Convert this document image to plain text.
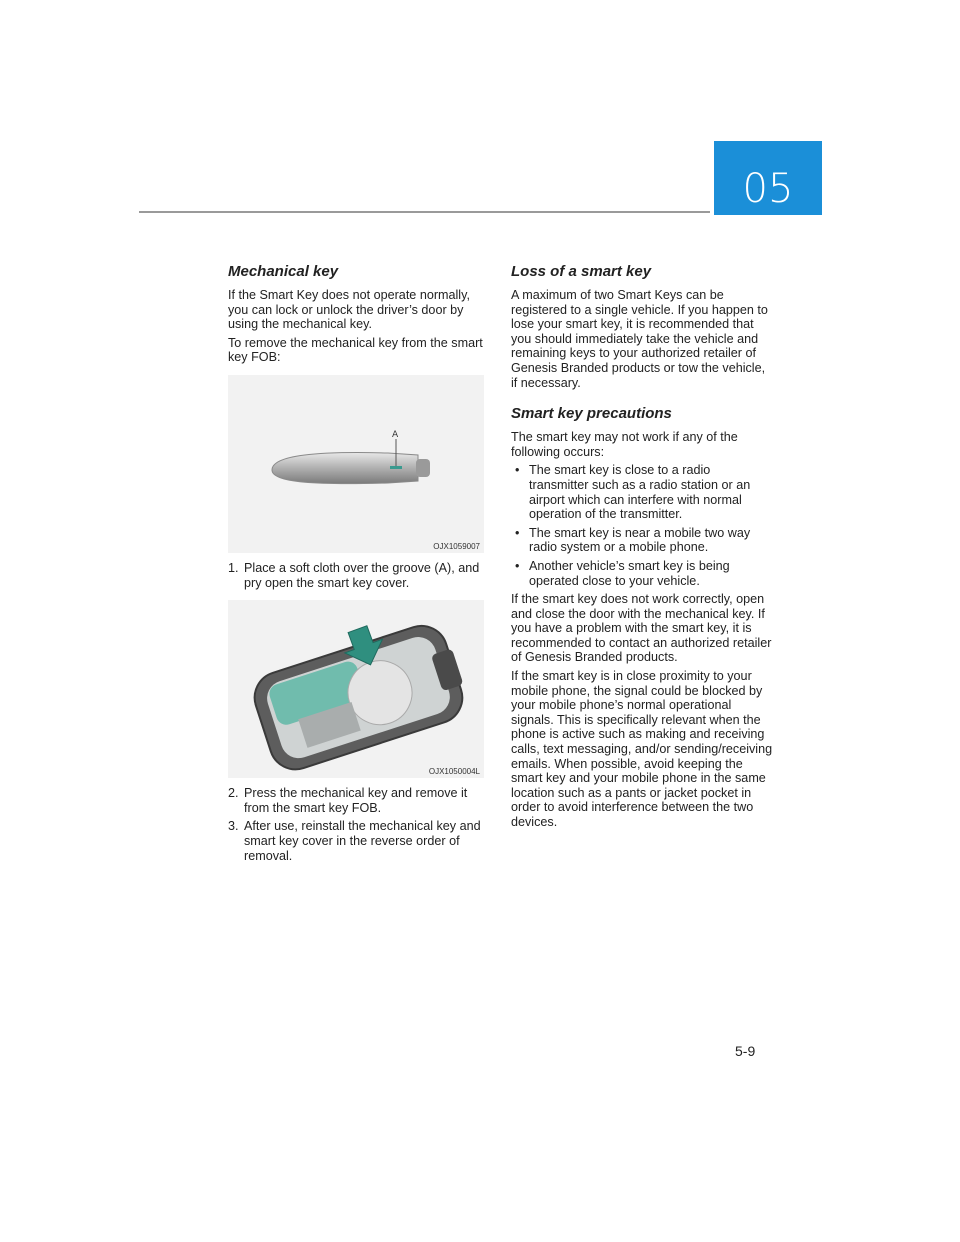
05
Mechanical key

If the Smart Key does not operate normally, you can lock or unlock the driver’s door by using the mechanical key.

To remove the mechanical key from the smart key FOB:

A
OJX1059007
1. Place a soft cloth over the groove (A), and pry open the smart key cover.
OJX1050004L
2. Press the mechanical key and remove it from the smart key FOB.
3. After use, reinstall the mechanical key and smart key cover in the reverse order of removal.
Loss of a smart key

A maximum of two Smart Keys can be registered to a single vehicle. If you happen to lose your smart key, it is recommended that you should immediately take the vehicle and remaining keys to your authorized retailer of Genesis Branded products or tow the vehicle, if necessary.

Smart key precautions

The smart key may not work if any of the following occurs:

• The smart key is close to a radio transmitter such as a radio station or an airport which can interfere with normal operation of the transmitter.
• The smart key is near a mobile two way radio system or a mobile phone.
• Another vehicle’s smart key is being operated close to your vehicle.

If the smart key does not work correctly, open and close the door with the mechanical key. If you have a problem with the smart key, it is recommended to contact an authorized retailer of Genesis Branded products.

If the smart key is in close proximity to your mobile phone, the signal could be blocked by your mobile phone’s normal operational signals. This is specifically relevant when the phone is active such as making and receiving calls, text messaging, and/or sending/receiving emails. When possible, avoid keeping the smart key and your mobile phone in the same location such as a pants or jacket pocket in order to avoid interference between the two devices.

5-9
